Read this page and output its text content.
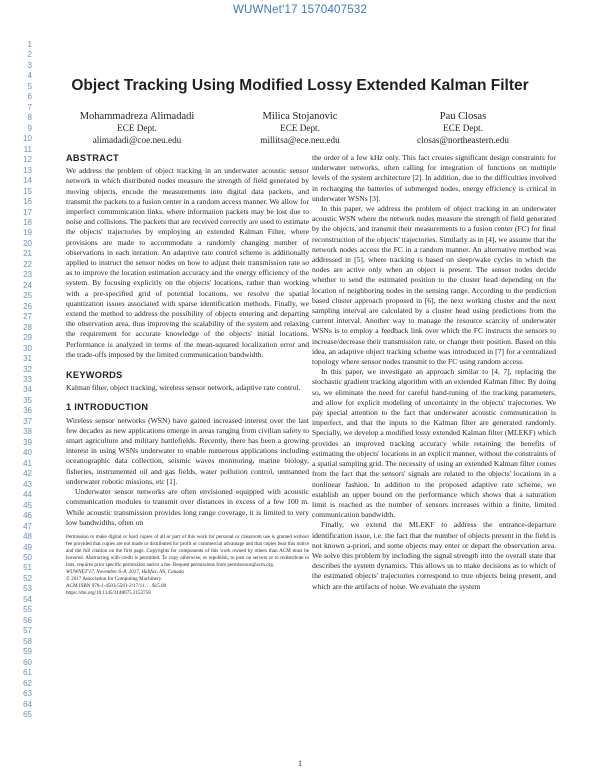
WUWNet'17 1570407532
1
2
3
4
5
6
7
8
9
10
11
12
13
14
15
16
17
18
19
20
21
22
23
24
25
26
27
28
29
30
31
32
33
34
35
36
37
38
39
40
41
42
43
44
45
46
47
48
49
50
51
52
53
54
55
56
57
58
59
60
61
62
63
64
65
Object Tracking Using Modified Lossy Extended Kalman Filter
Mohammadreza Alimadadi
ECE Dept.
alimadadi@coe.neu.edu
Milica Stojanovic
ECE Dept.
millitsa@ece.neu.edu
Pau Closas
ECE Dept.
closas@northeastern.edu
ABSTRACT

We address the problem of object tracking in an underwater acoustic sensor network in which distributed nodes measure the strength of field generated by moving objects, encode the measurements into digital data packets, and transmit the packets to a fusion center in a random access manner. We allow for imperfect communication links, where information packets may be lost due to noise and collisions. The packets that are received correctly are used to estimate the objects' trajectories by employing an extended Kalman Filter, where provisions are made to accommodate a randomly changing number of observations in each iteration. An adaptive rate control scheme is additionally applied to instruct the sensor nodes on how to adjust their transmission rate so as to improve the location estimation accuracy and the energy efficiency of the system. By focusing explicitly on the objects' locations, rather than working with a pre-specified grid of potential locations, we resolve the spatial quantization issues associated with sparse identification methods. Finally, we extend the method to address the possibility of objects entering and departing the observation area, thus improving the scalability of the system and relaxing the requirement for accurate knowledge of the objects' initial locations. Performance is analyzed in terms of the mean-squared localization error and the trade-offs imposed by the limited communication bandwidth.

KEYWORDS

Kalman filter, object tracking, wireless sensor network, adaptive rate control.

1 INTRODUCTION

Wireless sensor networks (WSN) have gained increased interest over the last few decades as new applications emerge in areas ranging from civilian safety to smart agriculture and military battlefields. Recently, there has been a growing interest in using WSNs underwater to enable numerous applications including oceanographic data collection, seismic waves monitoring, marine biology, fisheries, instrumented oil and gas fields, water pollution control, unmanned underwater robotic missions, etc [1].

Underwater sensor networks are often envisioned equipped with acoustic communication modules to transmit over distances in excess of a few 100 m. While acoustic transmission provides long range coverage, it is limited to very low bandwidths, often on

Permission to make digital or hard copies of all or part of this work for personal or classroom use is granted without fee provided that copies are not made or distributed for profit or commercial advantage and that copies bear this notice and the full citation on the first page. Copyrights for components of this work owned by others than ACM must be honored. Abstracting with credit is permitted. To copy otherwise, or republish, to post on servers or to redistribute to lists, requires prior specific permission and/or a fee. Request permissions from permissions@acm.org.
WUWNET'17, November 6–8, 2017, Halifax, NS, Canada
© 2017 Association for Computing Machinery.
ACM ISBN 978-1-4503-5561-2/17/11. . . $15.00
https://doi.org/10.1145/3148675.3152758

the order of a few kHz only. This fact creates significant design constraints for underwater networks, often calling for integration of functions on multiple levels of the system architecture [2]. In addition, due to the difficulties involved in recharging the batteries of submerged nodes, energy efficiency is critical in underwater WSNs [3].

In this paper, we address the problem of object tracking in an underwater acoustic WSN where the network nodes measure the strength of field generated by the objects, and transmit their measurements to a fusion center (FC) for final reconstruction of the objects' trajectories. Similarly as in [4], we assume that the network nodes access the FC in a random manner. An alternative method was addressed in [5], where tracking is based on sleep/wake cycles in which the nodes are active only when an object is present. The sensor nodes decide whether to send the estimated position to the cluster head depending on the location of neighboring nodes in the sensing range. According to the prediction based cluster approach proposed in [6], the next working cluster and the next sampling interval are calculated by a cluster head using predictions from the current interval. Another way to manage the resource scarcity of underwater WSNs is to employ a feedback link over which the FC instructs the sensors to increase/decrease their transmission rate, or change their position. Based on this idea, an adaptive object tracking scheme was introduced in [7] for a centralized topology where sensor nodes transmit to the FC using random access.

In this paper, we investigate an approach similar to [4, 7], replacing the stochastic gradient tracking algorithm with an extended Kalman filter. By doing so, we eliminate the need for careful hand-tuning of the tracking parameters, and allow for explicit modeling of uncertainty in the objects' trajectories. We pay special attention to the fact that underwater acoustic communication is imperfect, and that the inputs to the Kalman filter are generated randomly. Specially, we develop a modified lossy extended Kalman filter (MLEKF) which provides an improved tracking accuracy while retaining the benefits of estimating the objects' locations in an explicit manner, without the constraints of a spatial sampling grid. The necessity of using an extended Kalman filter comes from the fact that the sensors' signals are related to the objects' locations in a nonlinear fashion. In addition to the proposed adaptive rate scheme, we establish an upper bound on the performance which shows that a saturation limit is reached as the number of sensors increases within a finite, limited communication bandwidth.

Finally, we extend the MLEKF to address the entrance-departure identification issue, i.e. the fact that the number of objects present in the field is not known a-priori, and some objects may enter or depart the observation area. We solve this problem by including the signal strength into the overall state that describes the system dynamics. This allows us to make decisions as to which of the estimated objects' trajectories correspond to true objects being present, and which are the artifacts of noise. We evaluate the system

1
